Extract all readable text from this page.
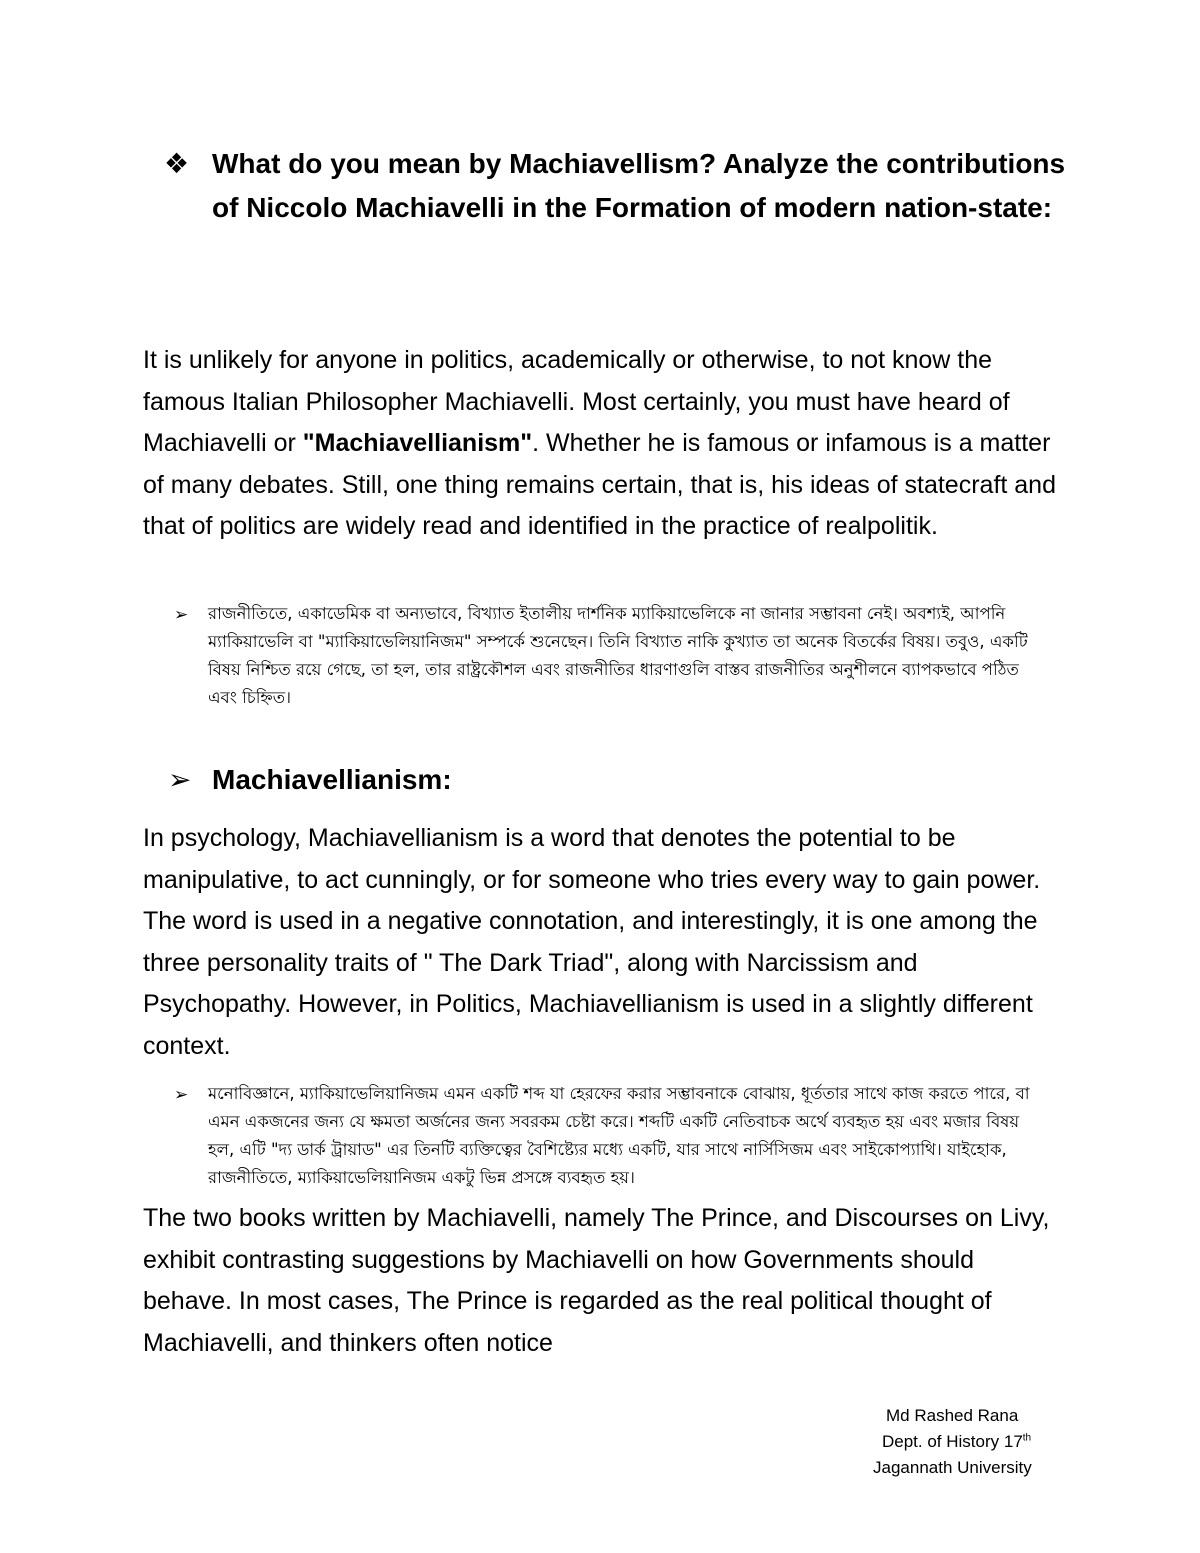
❖ What do you mean by Machiavellism? Analyze the contributions of Niccolo Machiavelli in the Formation of modern nation-state:
It is unlikely for anyone in politics, academically or otherwise, to not know the famous Italian Philosopher Machiavelli. Most certainly, you must have heard of Machiavelli or "Machiavellianism". Whether he is famous or infamous is a matter of many debates. Still, one thing remains certain, that is, his ideas of statecraft and that of politics are widely read and identified in the practice of realpolitik.
➢ রাজনীতিতে, একাডেমিক বা অন্যভাবে, বিখ্যাত ইতালীয় দার্শনিক ম্যাকিয়াভেলিকে না জানার সম্ভাবনা নেই। অবশ্যই, আপনি ম্যাকিয়াভেলি বা "ম্যাকিয়াভেলিয়ানিজম" সম্পর্কে শুনেছেন। তিনি বিখ্যাত নাকি কুখ্যাত তা অনেক বিতর্কের বিষয়। তবুও, একটি বিষয় নিশ্চিত রয়ে গেছে, তা হল, তার রাষ্ট্রকৌশল এবং রাজনীতির ধারণাগুলি বাস্তব রাজনীতির অনুশীলনে ব্যাপকভাবে পঠিত এবং চিহ্নিত।
➢ Machiavellianism:
In psychology, Machiavellianism is a word that denotes the potential to be manipulative, to act cunningly, or for someone who tries every way to gain power. The word is used in a negative connotation, and interestingly, it is one among the three personality traits of " The Dark Triad", along with Narcissism and Psychopathy. However, in Politics, Machiavellianism is used in a slightly different context.
➢ মনোবিজ্ঞানে, ম্যাকিয়াভেলিয়ানিজম এমন একটি শব্দ যা হেরফের করার সম্ভাবনাকে বোঝায়, ধূর্ততার সাথে কাজ করতে পারে, বা এমন একজনের জন্য যে ক্ষমতা অর্জনের জন্য সবরকম চেষ্টা করে। শব্দটি একটি নেতিবাচক অর্থে ব্যবহৃত হয় এবং মজার বিষয় হল, এটি "দ্য ডার্ক ট্রায়াড" এর তিনটি ব্যক্তিত্বের বৈশিষ্ট্যের মধ্যে একটি, যার সাথে নার্সিসিজম এবং সাইকোপ্যাথি। যাইহোক, রাজনীতিতে, ম্যাকিয়াভেলিয়ানিজম একটু ভিন্ন প্রসঙ্গে ব্যবহৃত হয়।
The two books written by Machiavelli, namely The Prince, and Discourses on Livy, exhibit contrasting suggestions by Machiavelli on how Governments should behave. In most cases, The Prince is regarded as the real political thought of Machiavelli, and thinkers often notice
Md Rashed Rana
Dept. of History 17th
Jagannath University
